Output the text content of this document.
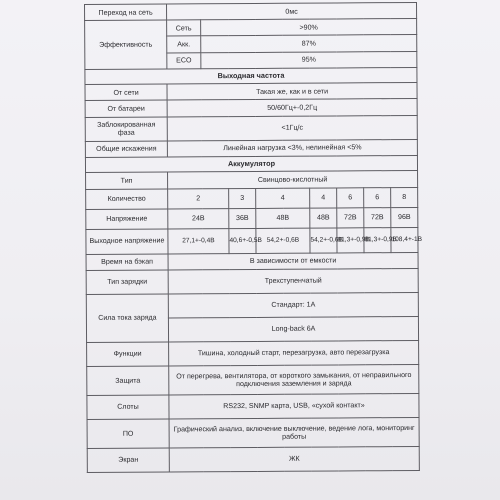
Переход на сеть	0мс							
Эффективность	Сеть	>90%						
	Акк.	87%						
	ECO	95%						
Выходная частота								
От сети	Такая же, как и в сети							
От батареи	50/60Гц+-0,2Гц							
Заблокированная фаза	<1Гц/с							
Общие искажения	Линейная нагрузка <3%, нелинейная <5%							
Аккумулятор								
Тип	Свинцово-кислотный							
Количество	2		3	4	4	6	6	8
Напряжение	24В		36В	48В	48В	72В	72В	96В
Выходное напряжение	27,1+-0,4В		40,6+-0,5В	54,2+-0,6В	54,2+-0,6В	81,3+-0,9В	81,3+-0,9В	108,4+-1В
Время на бэкап	В зависимости от емкости							
Тип зарядки	Трехступенчатый							
Сила тока заряда	Стандарт: 1А							
	Long-back 6А							
Функции	Тишина, холодный старт, перезагрузка, авто перезагрузка							
Защита	От перегрева, вентилятора, от короткого замыкания, от неправильного подключения заземления и заряда							
Слоты	RS232, SNMP карта, USB, «сухой контакт»							
ПО	Графический анализ, включение выключение, ведение лога, мониторинг работы							
Экран	ЖК							
